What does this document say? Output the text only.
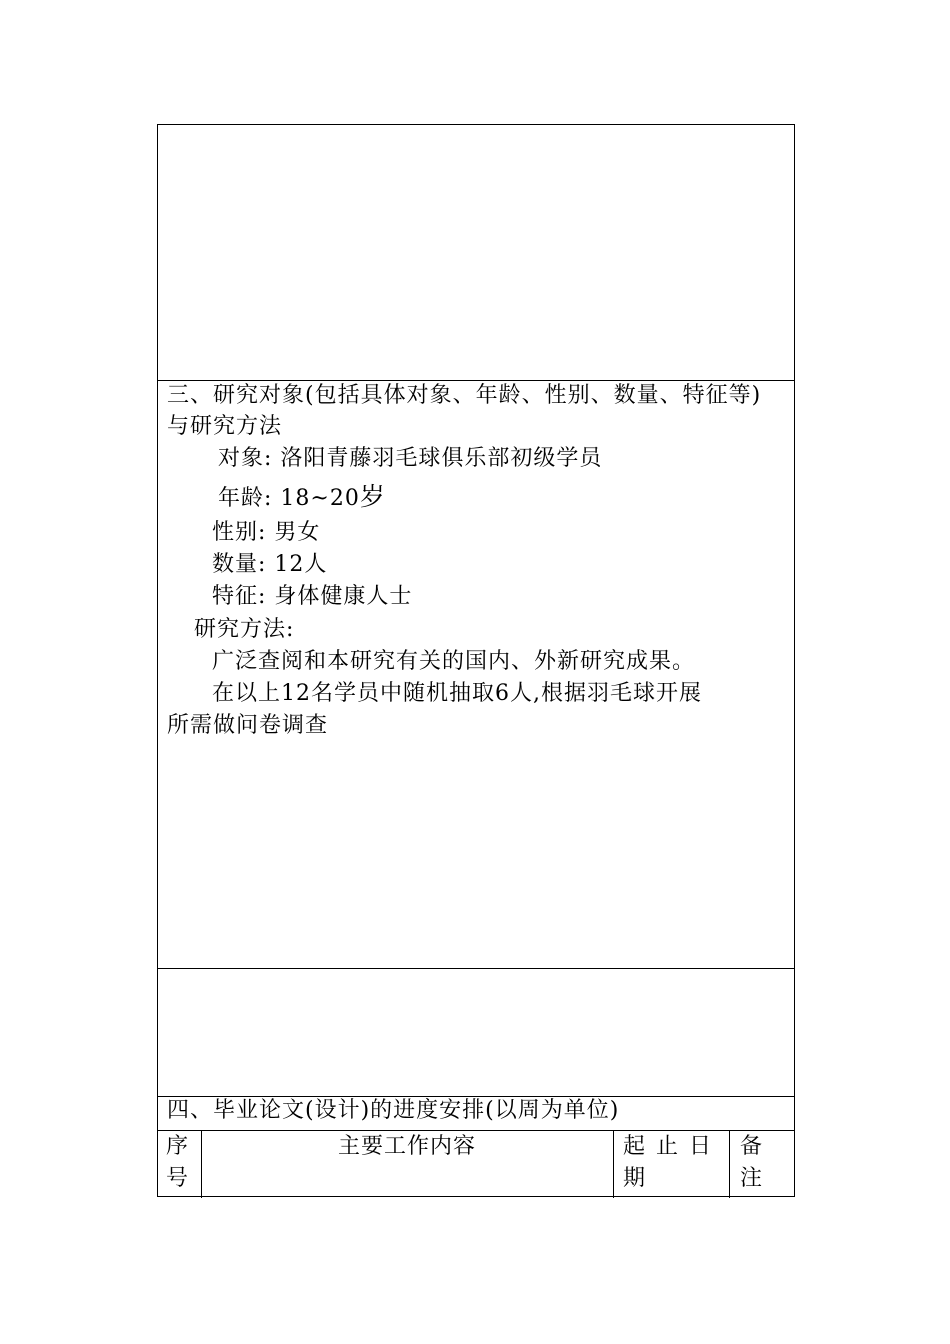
三、研究对象(包括具体对象、年龄、性别、数量、特征等)
与研究方法
对象: 洛阳青藤羽毛球俱乐部初级学员
年龄: 18~20岁
性别: 男女
数量: 12人
特征: 身体健康人士
研究方法:
广泛查阅和本研究有关的国内、外新研究成果。
在以上12名学员中随机抽取6人,根据羽毛球开展
所需做问卷调查
四、毕业论文(设计)的进度安排(以周为单位)
序
号
主要工作内容	起 止 日
期
备
注
